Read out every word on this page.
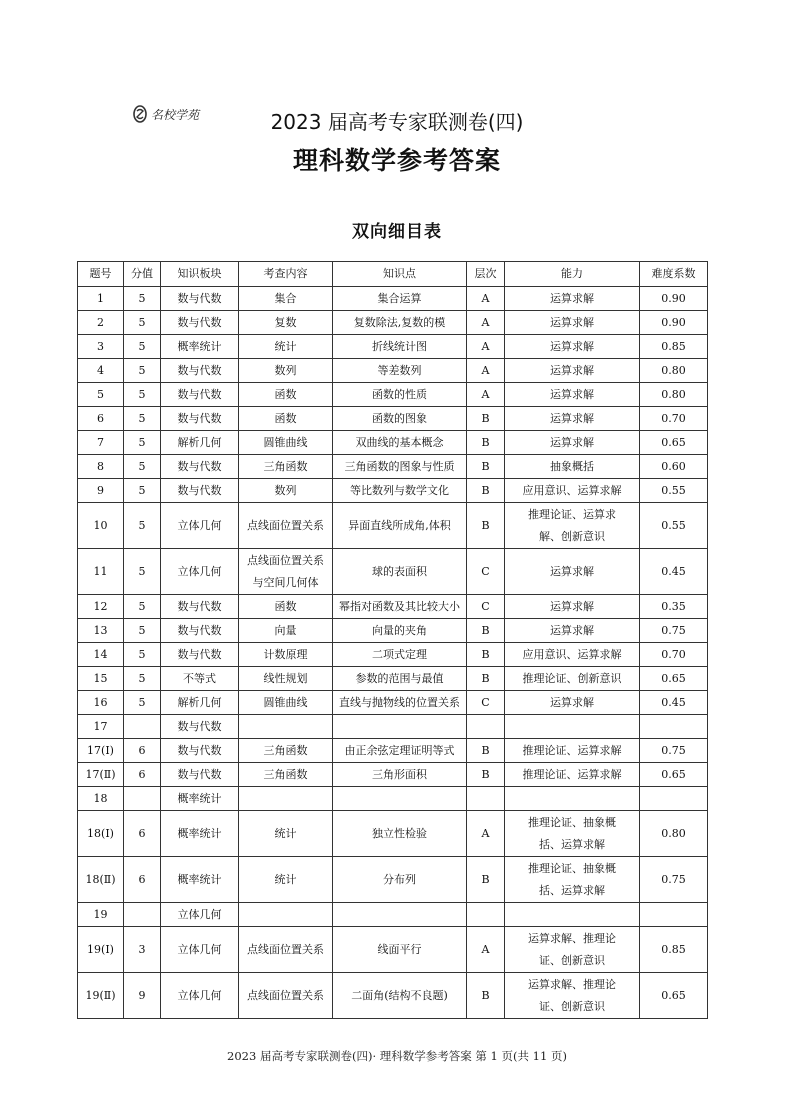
名校学苑	2023 届高考专家联测卷(四)
理科数学参考答案
双向细目表
题号	分值	知识板块	考查内容	知识点	层次	能力	难度系数
1	5	数与代数	集合	集合运算	A	运算求解	0.90
2	5	数与代数	复数	复数除法,复数的模	A	运算求解	0.90
3	5	概率统计	统计	折线统计图	A	运算求解	0.85
4	5	数与代数	数列	等差数列	A	运算求解	0.80
5	5	数与代数	函数	函数的性质	A	运算求解	0.80
6	5	数与代数	函数	函数的图象	B	运算求解	0.70
7	5	解析几何	圆锥曲线	双曲线的基本概念	B	运算求解	0.65
8	5	数与代数	三角函数	三角函数的图象与性质	B	抽象概括	0.60
9	5	数与代数	数列	等比数列与数学文化	B	应用意识、运算求解	0.55
10	5	立体几何	点线面位置关系	异面直线所成角,体积	B	推理论证、运算求解、创新意识	0.55
11	5	立体几何	点线面位置关系与空间几何体	球的表面积	C	运算求解	0.45
12	5	数与代数	函数	幂指对函数及其比较大小	C	运算求解	0.35
13	5	数与代数	向量	向量的夹角	B	运算求解	0.75
14	5	数与代数	计数原理	二项式定理	B	应用意识、运算求解	0.70
15	5	不等式	线性规划	参数的范围与最值	B	推理论证、创新意识	0.65
16	5	解析几何	圆锥曲线	直线与抛物线的位置关系	C	运算求解	0.45
17		数与代数					
17(Ⅰ)	6	数与代数	三角函数	由正余弦定理证明等式	B	推理论证、运算求解	0.75
17(Ⅱ)	6	数与代数	三角函数	三角形面积	B	推理论证、运算求解	0.65
18		概率统计					
18(Ⅰ)	6	概率统计	统计	独立性检验	A	推理论证、抽象概括、运算求解	0.80
18(Ⅱ)	6	概率统计	统计	分布列	B	推理论证、抽象概括、运算求解	0.75
19		立体几何					
19(Ⅰ)	3	立体几何	点线面位置关系	线面平行	A	运算求解、推理论证、创新意识	0.85
19(Ⅱ)	9	立体几何	点线面位置关系	二面角(结构不良题)	B	运算求解、推理论证、创新意识	0.65
2023 届高考专家联测卷(四)· 理科数学参考答案 第 1 页(共 11 页)
